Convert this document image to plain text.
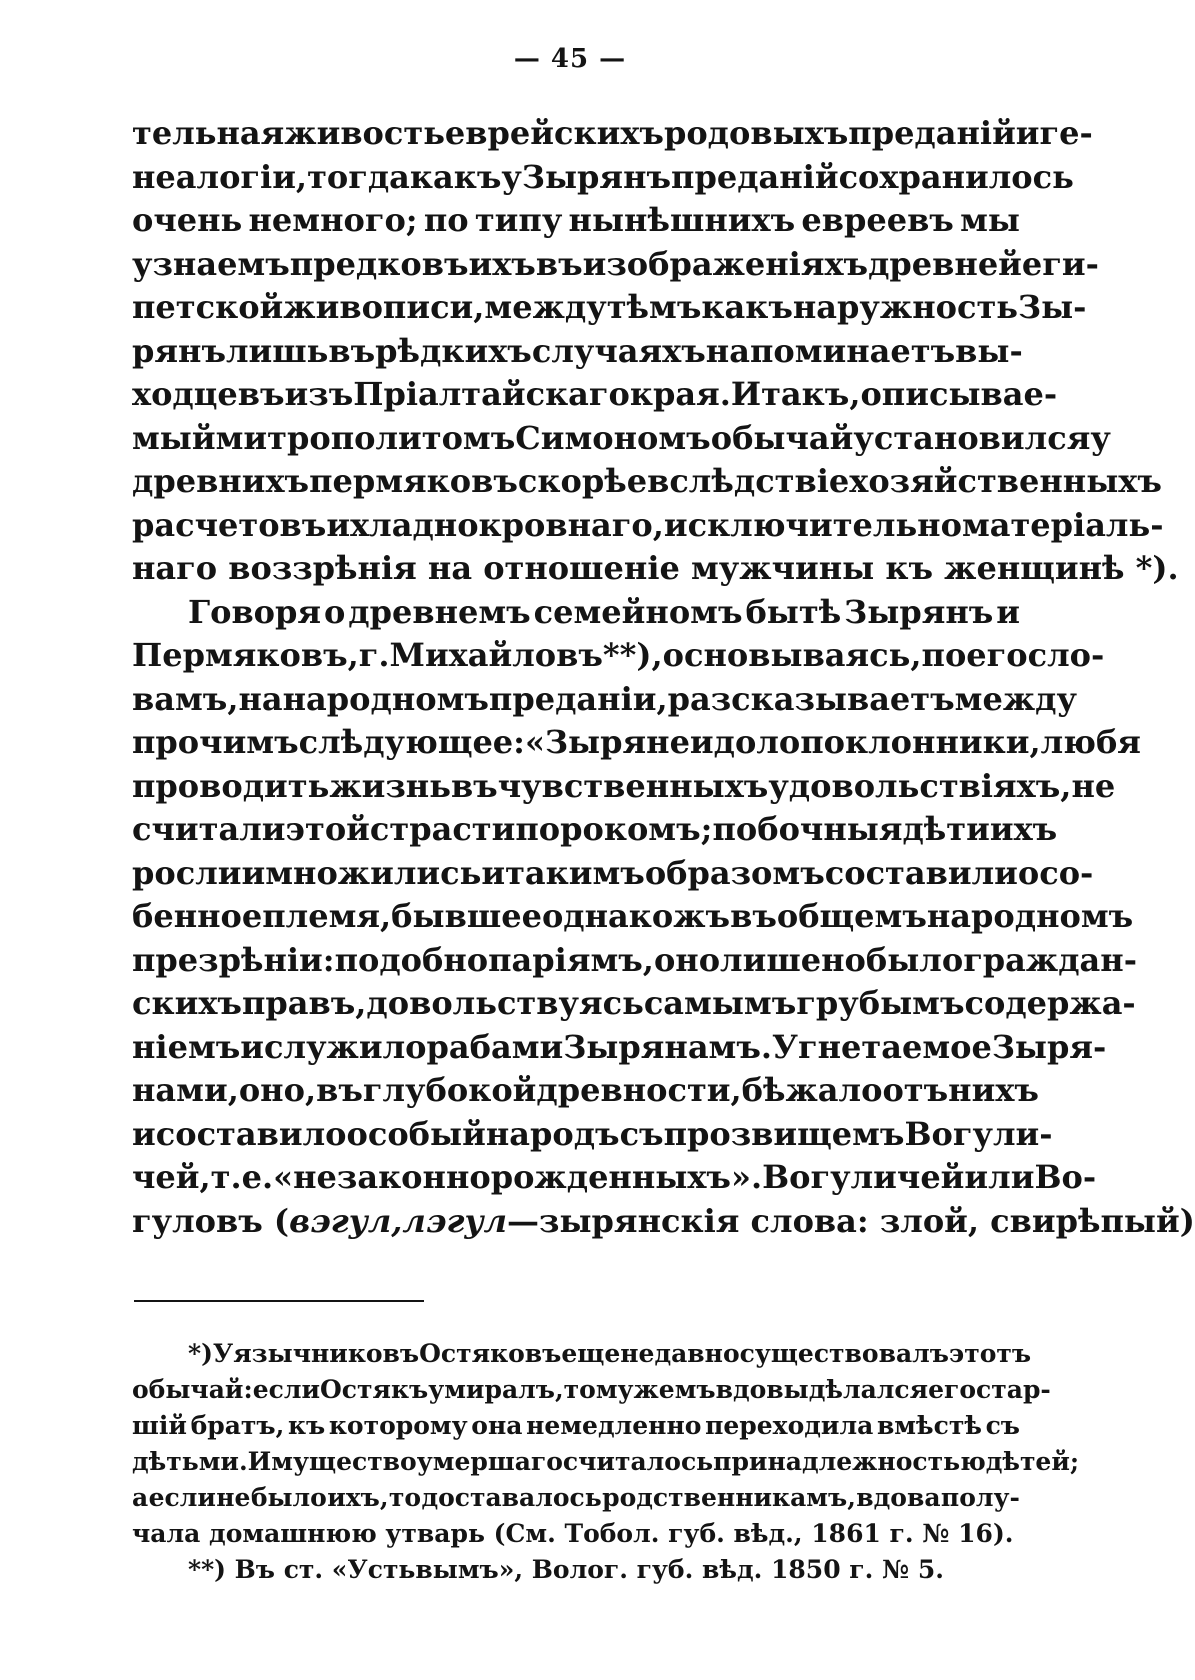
— 45 —
тельная живость еврейскихъ родовыхъ преданій и ге-
неалогіи, тогда какъ у Зырянъ преданій сохранилось
очень немного; по типу нынѣшнихъ евреевъ мы
узнаемъ предковъ ихъ въ изображеніяхъ древней еги-
петской живописи, между тѣмъ какъ наружность Зы-
рянъ лишь въ рѣдкихъ случаяхъ напоминаетъ вы-
ходцевъ изъ Пріалтайскаго края. Итакъ, описывае-
мый митрополитомъ Симономъ обычай установился у
древнихъ пермяковъ скорѣе вслѣдствіе хозяйственныхъ
расчетовъ и хладнокровнаго, исключительно матеріаль-
наго воззрѣнія на отношеніе мужчины къ женщинѣ *).
Говоря о древнемъ семейномъ бытѣ Зырянъ и
Пермяковъ, г. Михайловъ **), основываясь, по его сло-
вамъ, на народномъ преданіи, разсказываетъ между
прочимъ слѣдующее: «Зыряне идолопоклонники, любя
проводить жизнь въ чувственныхъ удовольствіяхъ, не
считали этой страсти порокомъ; побочныя дѣти ихъ
росли и множились и такимъ образомъ составили осо-
бенное племя, бывшее однакожъ въ общемъ народномъ
презрѣніи: подобно паріямъ, оно лишено было граждан-
скихъ правъ, довольствуясь самымъ грубымъ содержа-
ніемъ и служило рабами Зырянамъ. Угнетаемое Зыря-
нами, оно, въ глубокой древности, бѣжало отъ нихъ
и составило особый народъ съ прозвищемъ Вогули-
чей, т. е. «незаконнорожденныхъ». Вогуличей или Во-
гуловъ ( вэгул, лэгул —зырянскія слова: злой, свирѣпый)
*) У язычниковъ Остяковъ еще недавно существовалъ этотъ
обычай: если Остякъ умиралъ, то мужемъ вдовы дѣлался его стар-
шій братъ, къ которому она немедленно переходила вмѣстѣ съ
дѣтьми. Имущество умершаго считалось принадлежностью дѣтей;
а если не было ихъ, то доставалось родственникамъ, вдова полу-
чала домашнюю утварь (См. Тобол. губ. вѣд., 1861 г. № 16).
**) Въ ст. «Устьвымъ», Волог. губ. вѣд. 1850 г. № 5.
